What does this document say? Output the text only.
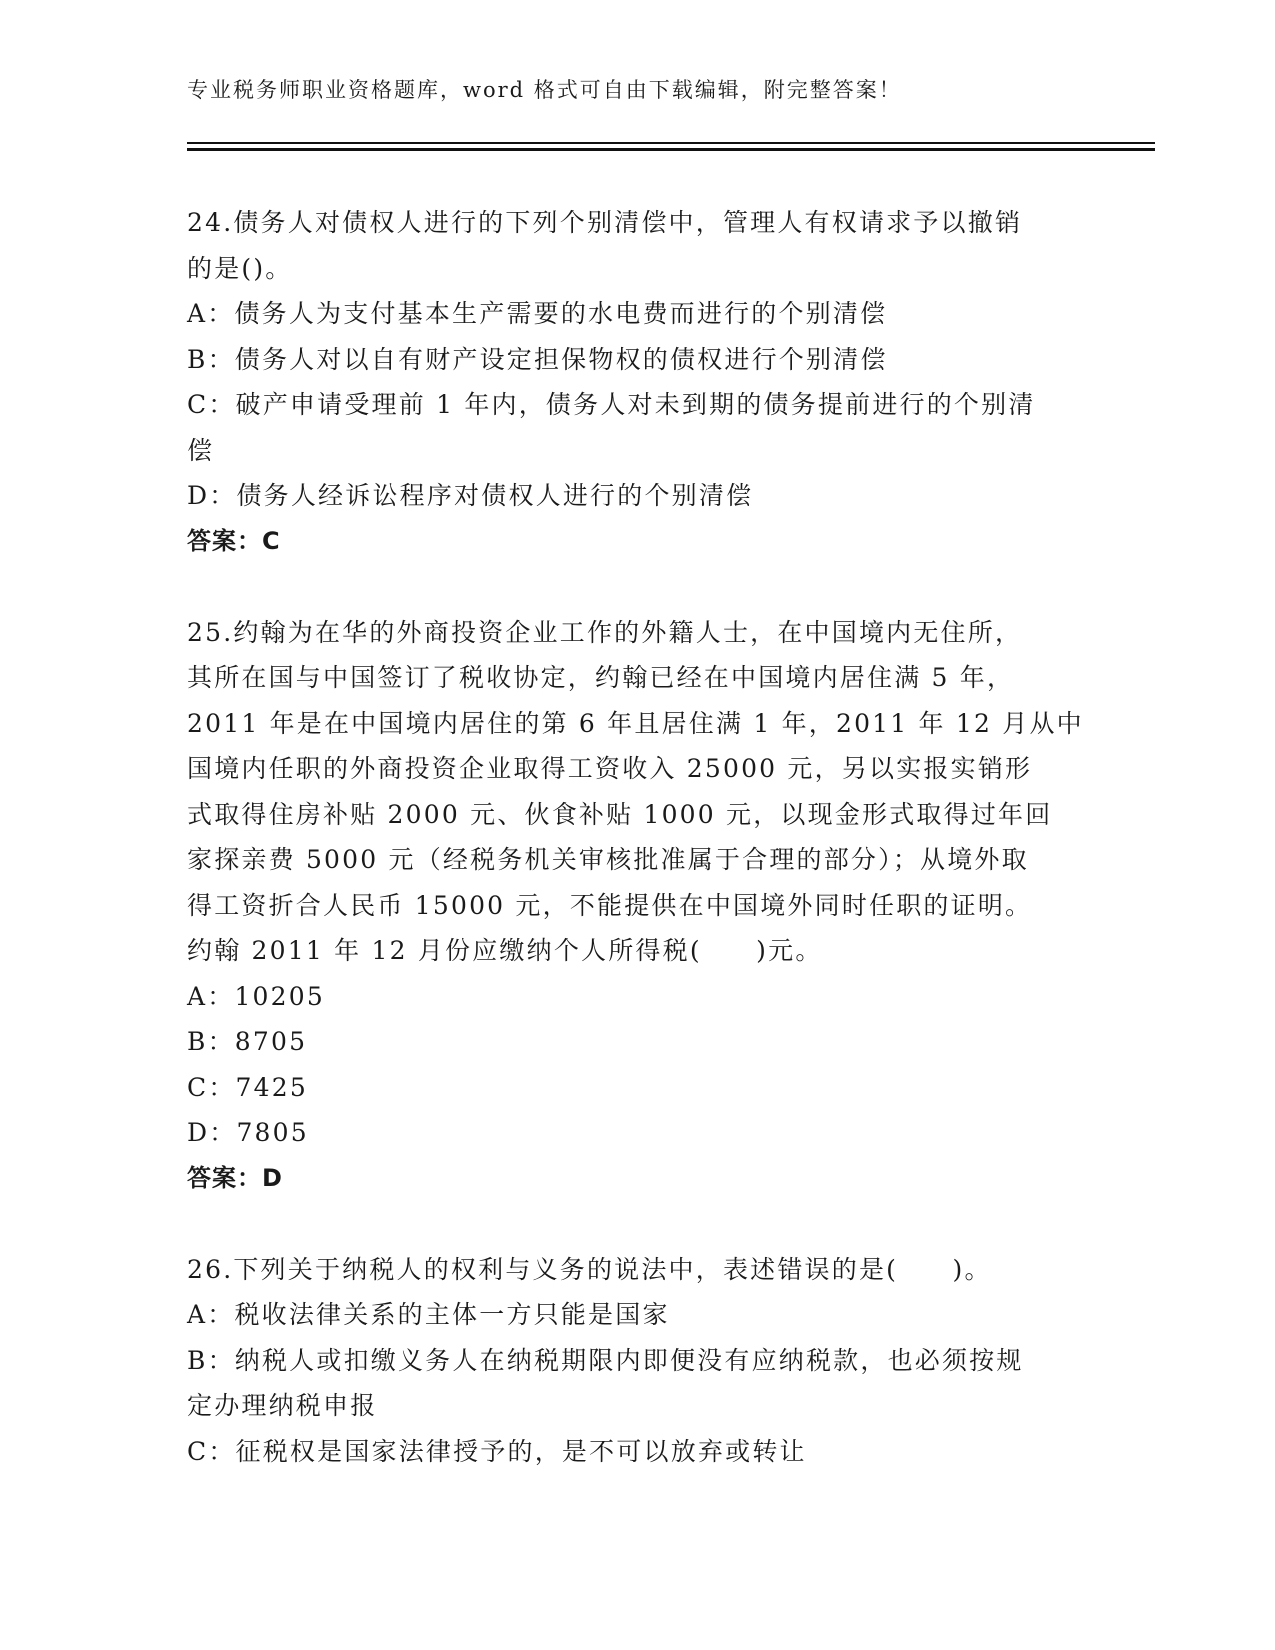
专业税务师职业资格题库，word 格式可自由下载编辑，附完整答案！
24.债务人对债权人进行的下列个别清偿中，管理人有权请求予以撤销
的是()。
A：债务人为支付基本生产需要的水电费而进行的个别清偿
B：债务人对以自有财产设定担保物权的债权进行个别清偿
C：破产申请受理前 1 年内，债务人对未到期的债务提前进行的个别清
偿
D：债务人经诉讼程序对债权人进行的个别清偿
答案：C
25.约翰为在华的外商投资企业工作的外籍人士，在中国境内无住所，
其所在国与中国签订了税收协定，约翰已经在中国境内居住满 5 年，
2011 年是在中国境内居住的第 6 年且居住满 1 年，2011 年 12 月从中
国境内任职的外商投资企业取得工资收入 25000 元，另以实报实销形
式取得住房补贴 2000 元、伙食补贴 1000 元，以现金形式取得过年回
家探亲费 5000 元（经税务机关审核批准属于合理的部分）；从境外取
得工资折合人民币 15000 元，不能提供在中国境外同时任职的证明。
约翰 2011 年 12 月份应缴纳个人所得税(　　)元。
A：10205
B：8705
C：7425
D：7805
答案：D
26.下列关于纳税人的权利与义务的说法中，表述错误的是(　　)。
A：税收法律关系的主体一方只能是国家
B：纳税人或扣缴义务人在纳税期限内即便没有应纳税款，也必须按规
定办理纳税申报
C：征税权是国家法律授予的，是不可以放弃或转让
